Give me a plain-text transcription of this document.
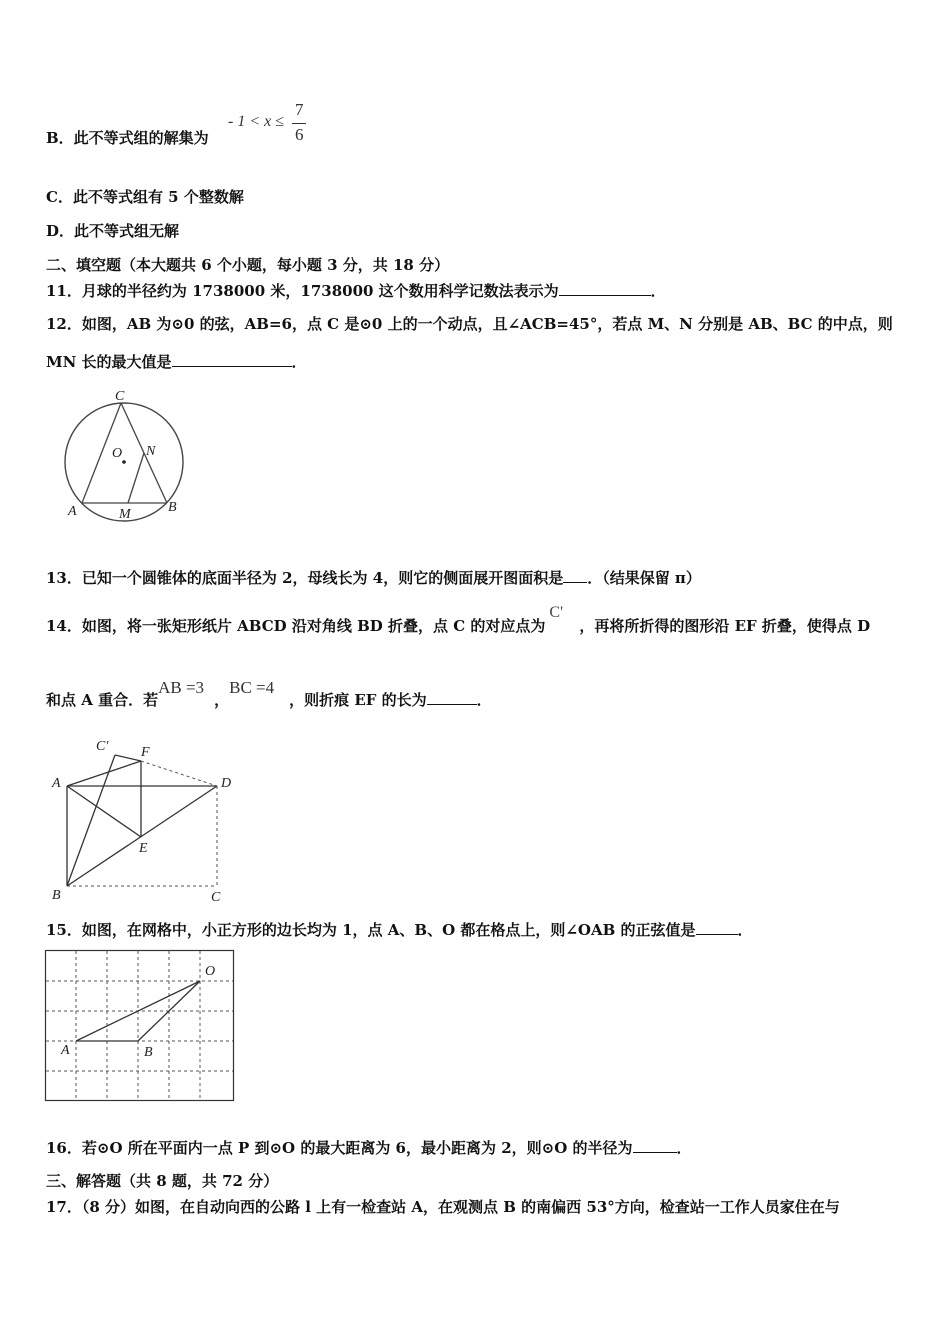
B．此不等式组的解集为
- 1 < x ≤
7
6
C．此不等式组有 5 个整数解
D．此不等式组无解
二、填空题（本大题共 6 个小题，每小题 3 分，共 18 分）
11．月球的半径约为 1738000 米，1738000 这个数用科学记数法表示为	．
12．如图，AB 为⊙0 的弦，AB=6，点 C 是⊙0 上的一个动点，且∠ACB=45°，若点 M、N 分别是 AB、BC 的中点，则
MN 长的最大值是	．
C
O N
A	M	B
13．已知一个圆锥体的底面半径为 2，母线长为 4，则它的侧面展开图面积是 ．（结果保留 π）
14．如图，将一张矩形纸片 ABCD 沿对角线 BD 折叠，点 C 的对应点为C'，再将所折得的图形沿 EF 折叠，使得点 D
和点 A 重合．若AB =3，BC =4，则折痕 EF 的长为	．
C' F
A	D
E
B	C
15．如图，在网格中，小正方形的边长均为 1，点 A、B、O 都在格点上，则∠OAB 的正弦值是	．
O
A	B
16．若⊙O 所在平面内一点 P 到⊙O 的最大距离为 6，最小距离为 2，则⊙O 的半径为	．
三、解答题（共 8 题，共 72 分）
17．（8 分）如图，在自动向西的公路 l 上有一检查站 A，在观测点 B 的南偏西 53°方向，检查站一工作人员家住在与
